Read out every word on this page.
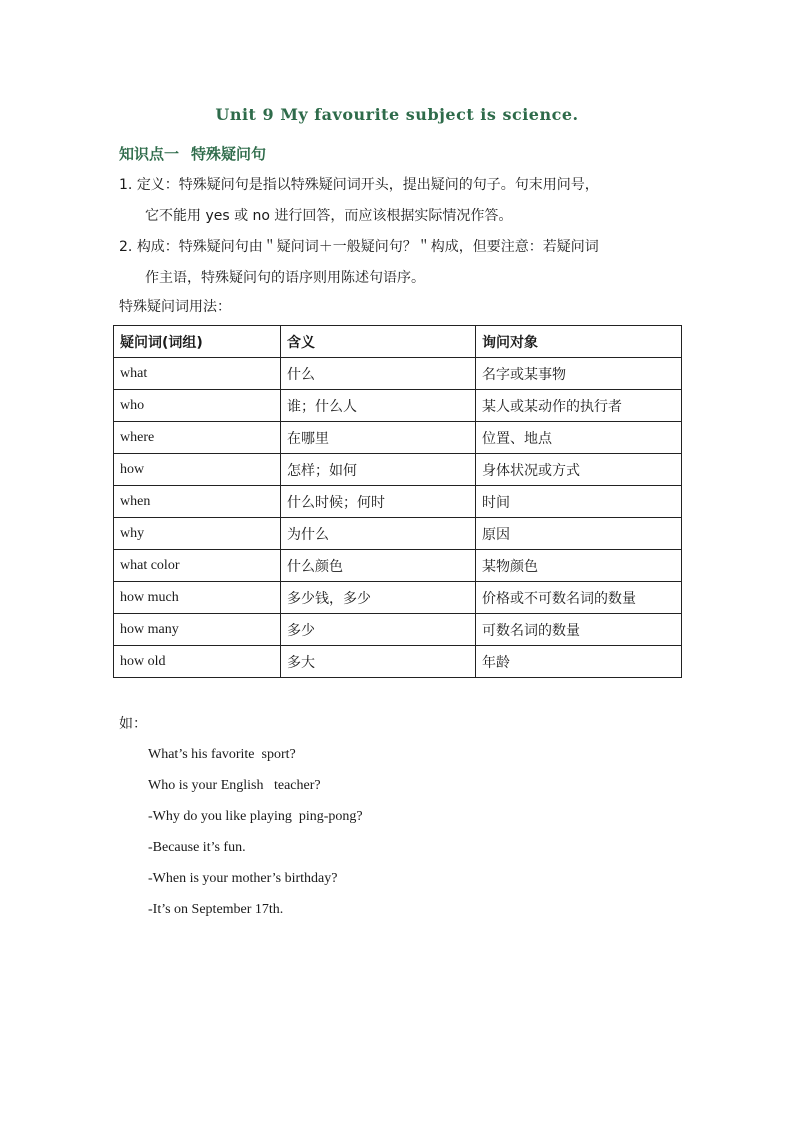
Unit 9 My favourite subject is science.
知识点一 特殊疑问句
1. 定义：特殊疑问句是指以特殊疑问词开头，提出疑问的句子。句末用问号，
它不能用 yes 或 no 进行回答，而应该根据实际情况作答。
2. 构成：特殊疑问句由＂疑问词＋一般疑问句？＂构成，但要注意：若疑问词
作主语，特殊疑问句的语序则用陈述句语序。
特殊疑问词用法：
疑问词(词组)	含义	询问对象
what	什么	名字或某事物
who	谁；什么人	某人或某动作的执行者
where	在哪里	位置、地点
how	怎样；如何	身体状况或方式
when	什么时候；何时	时间
why	为什么	原因
what color	什么颜色	某物颜色
how much	多少钱，多少	价格或不可数名词的数量
how many	多少	可数名词的数量
how old	多大	年龄
如：
What’s his favorite  sport?
Who is your English   teacher?
-Why do you like playing  ping-pong?
-Because it’s fun.
-When is your mother’s birthday?
-It’s on September 17th.
